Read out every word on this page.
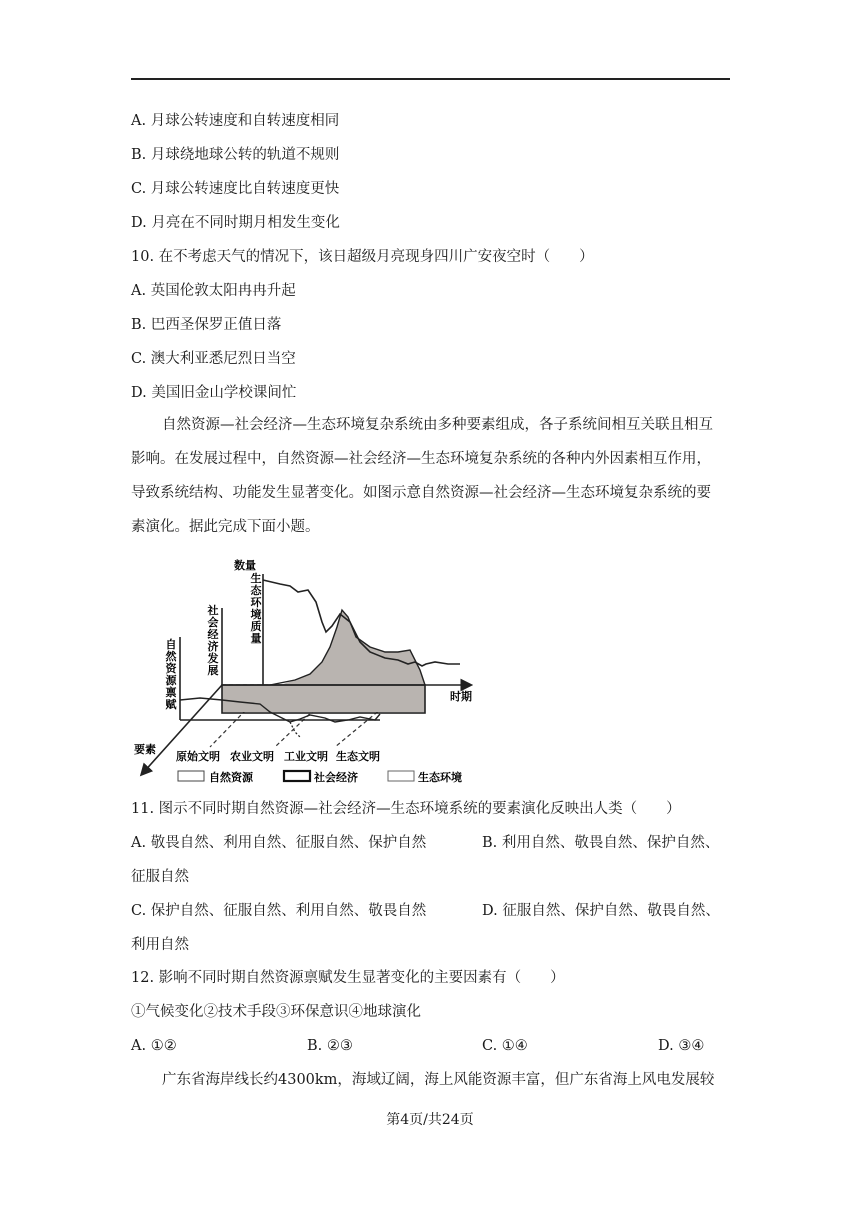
A. 月球公转速度和自转速度相同
B. 月球绕地球公转的轨道不规则
C. 月球公转速度比自转速度更快
D. 月亮在不同时期月相发生变化
10. 在不考虑天气的情况下，该日超级月亮现身四川广安夜空时（　　）
A. 英国伦敦太阳冉冉升起
B. 巴西圣保罗正值日落
C. 澳大利亚悉尼烈日当空
D. 美国旧金山学校课间忙
自然资源—社会经济—生态环境复杂系统由多种要素组成，各子系统间相互关联且相互
影响。在发展过程中，自然资源—社会经济—生态环境复杂系统的各种内外因素相互作用，
导致系统结构、功能发生显著变化。如图示意自然资源—社会经济—生态环境复杂系统的要
素演化。据此完成下面小题。
数量
时期
要素
生
态
环
境
质
量
社
会
经
济
发
展
自
然
资
源
禀
赋
原始文明 农业文明 工业文明 生态文明
自然资源	社会经济	生态环境
11. 图示不同时期自然资源—社会经济—生态环境系统的要素演化反映出人类（　　）
A. 敬畏自然、利用自然、征服自然、保护自然	B. 利用自然、敬畏自然、保护自然、
征服自然
C. 保护自然、征服自然、利用自然、敬畏自然	D. 征服自然、保护自然、敬畏自然、
利用自然
12. 影响不同时期自然资源禀赋发生显著变化的主要因素有（　　）
①气候变化②技术手段③环保意识④地球演化
A. ①②	B. ②③	C. ①④	D. ③④
广东省海岸线长约4300km，海域辽阔，海上风能资源丰富，但广东省海上风电发展较
第4页/共24页
